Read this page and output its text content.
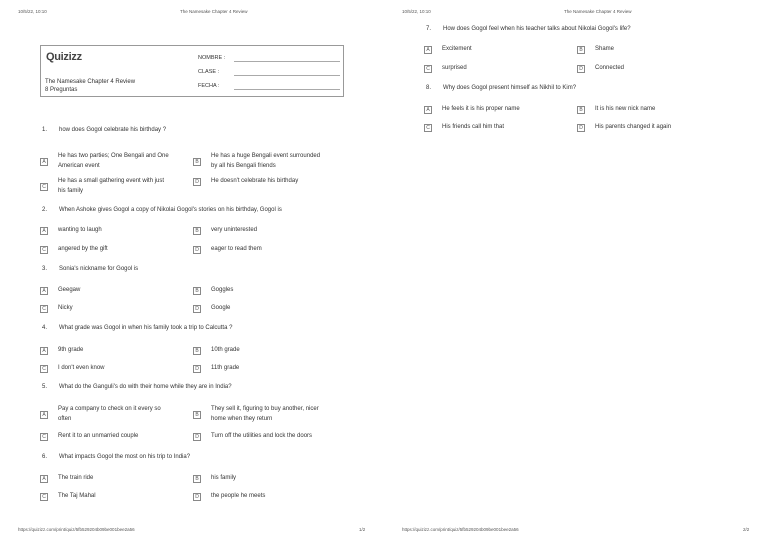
10/5/22, 10:10	The Namesake Chapter 4 Review
Quizizz
The Namesake Chapter 4 Review
8 Preguntas
NOMBRE :
CLASE :
FECHA :
1. how does Gogol celebrate his birthday ?
A
He has two parties; One Bengali and One
American event
B
He has a huge Bengali event surrounded
by all his Bengali friends
C
He has a small gathering event with just
his family
D	He doesn't celebrate his birthday
2. When Ashoke gives Gogol a copy of Nikolai Gogol's stories on his birthday, Gogol is
A	wanting to laugh	B	very uninterested
C	angered by the gift	D	eager to read them
3. Sonia's nickname for Gogol is
A	Geegaw	B	Goggles
C	Nicky	D	Google
4. What grade was Gogol in when his family took a trip to Calcutta ?
A	9th grade	B	10th grade
C	I don't even know	D	11th grade
5. What do the Ganguli's do with their home while they are in India?
A
Pay a company to check on it every so
often
B
They sell it, figuring to buy another, nicer
home when they return
C	Rent it to an unmarried couple	D	Turn off the utilities and lock the doors
6. What impacts Gogol the most on his trip to India?
A	The train ride	B	his family
C	The Taj Mahal	D	the people he meets
https://quizizz.com/print/quiz/5fb529204b09be001bee2a56	1/2
10/5/22, 10:10	The Namesake Chapter 4 Review
7. How does Gogol feel when his teacher talks about Nikolai Gogol's life?
A	Excitement	B	Shame
C	surprised	D	Connected
8. Why does Gogol present himself as Nikhil to Kim?
A	He feels it is his proper name	B	It is his new nick name
C	His friends call him that	D	His parents changed it again
https://quizizz.com/print/quiz/5fb529204b09be001bee2a56	2/2
